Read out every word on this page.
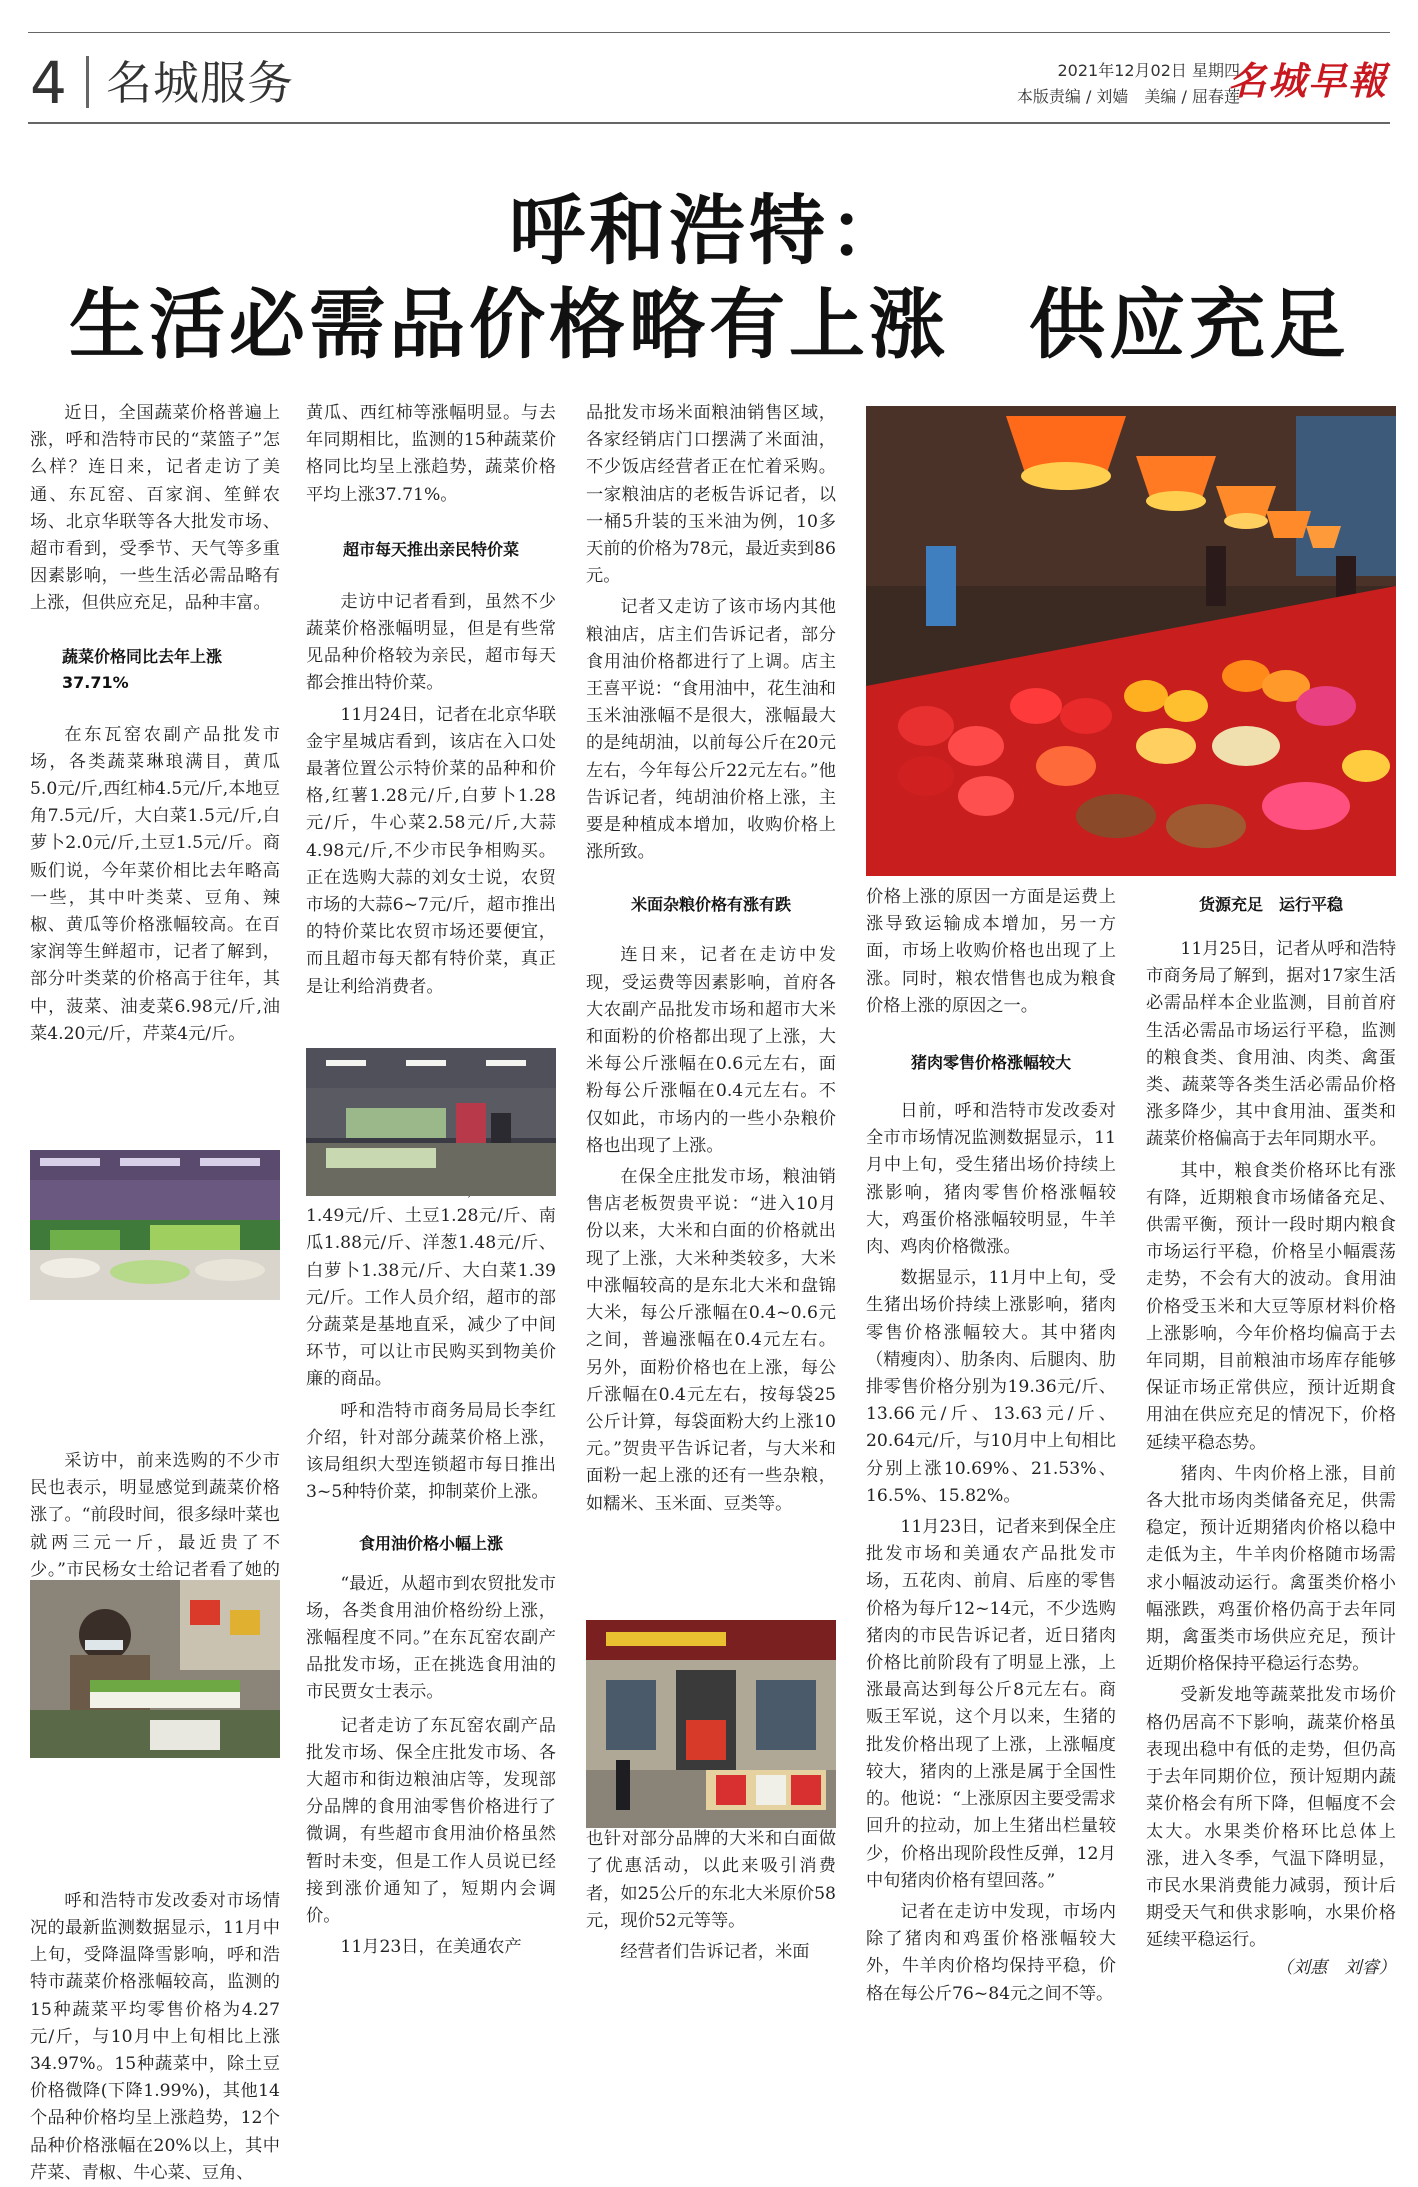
4 名城服务	2021年12月02日 星期四
本版责编 / 刘嫱　美编 / 屈春莲
名城早報
呼和浩特：
生活必需品价格略有上涨　供应充足

近日，全国蔬菜价格普遍上涨，呼和浩特市民的“菜篮子”怎么样？连日来，记者走访了美通、东瓦窑、百家润、笙鲜农场、北京华联等各大批发市场、超市看到，受季节、天气等多重因素影响，一些生活必需品略有上涨，但供应充足，品种丰富。

蔬菜价格同比去年上涨37.71%

在东瓦窑农副产品批发市场，各类蔬菜琳琅满目，黄瓜5.0元/斤,西红柿4.5元/斤,本地豆角7.5元/斤，大白菜1.5元/斤,白萝卜2.0元/斤,土豆1.5元/斤。商贩们说，今年菜价相比去年略高一些，其中叶类菜、豆角、辣椒、黄瓜等价格涨幅较高。在百家润等生鲜超市，记者了解到，部分叶类菜的价格高于往年，其中，菠菜、油麦菜6.98元/斤,油菜4.20元/斤，芹菜4元/斤。

采访中，前来选购的不少市民也表示，明显感觉到蔬菜价格涨了。“前段时间，很多绿叶菜也就两三元一斤，最近贵了不少。”市民杨女士给记者看了她的

呼和浩特市发改委对市场情况的最新监测数据显示，11月中上旬，受降温降雪影响，呼和浩特市蔬菜价格涨幅较高，监测的15种蔬菜平均零售价格为4.27元/斤，与10月中上旬相比上涨34.97%。15种蔬菜中，除土豆价格微降(下降1.99%)，其他14个品种价格均呈上涨趋势，12个品种价格涨幅在20%以上，其中芹菜、青椒、牛心菜、豆角、

黄瓜、西红柿等涨幅明显。与去年同期相比，监测的15种蔬菜价格同比均呈上涨趋势，蔬菜价格平均上涨37.71%。

超市每天推出亲民特价菜

走访中记者看到，虽然不少蔬菜价格涨幅明显，但是有些常见品种价格较为亲民，超市每天都会推出特价菜。

11月24日，记者在北京华联金宇星城店看到，该店在入口处最著位置公示特价菜的品种和价格,红薯1.28元/斤,白萝卜1.28元/斤，牛心菜2.58元/斤,大蒜4.98元/斤,不少市民争相购买。正在选购大蒜的刘女士说，农贸市场的大蒜6~7元/斤，超市推出的特价菜比农贸市场还要便宜，而且超市每天都有特价菜，真正是让利给消费者。

1.49元/斤、土豆1.28元/斤、南瓜1.88元/斤、洋葱1.48元/斤、白萝卜1.38元/斤、大白菜1.39元/斤。工作人员介绍，超市的部分蔬菜是基地直采，减少了中间环节，可以让市民购买到物美价廉的商品。

呼和浩特市商务局局长李红介绍，针对部分蔬菜价格上涨，该局组织大型连锁超市每日推出3~5种特价菜，抑制菜价上涨。

食用油价格小幅上涨

“最近，从超市到农贸批发市场，各类食用油价格纷纷上涨，涨幅程度不同。”在东瓦窑农副产品批发市场，正在挑选食用油的市民贾女士表示。

记者走访了东瓦窑农副产品批发市场、保全庄批发市场、各大超市和街边粮油店等，发现部分品牌的食用油零售价格进行了微调，有些超市食用油价格虽然暂时未变，但是工作人员说已经接到涨价通知了，短期内会调价。

11月23日，在美通农产

品批发市场米面粮油销售区域，各家经销店门口摆满了米面油，不少饭店经营者正在忙着采购。一家粮油店的老板告诉记者，以一桶5升装的玉米油为例，10多天前的价格为78元，最近卖到86元。

记者又走访了该市场内其他粮油店，店主们告诉记者，部分食用油价格都进行了上调。店主王喜平说：“食用油中，花生油和玉米油涨幅不是很大，涨幅最大的是纯胡油，以前每公斤在20元左右，今年每公斤22元左右。”他告诉记者，纯胡油价格上涨，主要是种植成本增加，收购价格上涨所致。

米面杂粮价格有涨有跌

连日来，记者在走访中发现，受运费等因素影响，首府各大农副产品批发市场和超市大米和面粉的价格都出现了上涨，大米每公斤涨幅在0.6元左右，面粉每公斤涨幅在0.4元左右。不仅如此，市场内的一些小杂粮价格也出现了上涨。

在保全庄批发市场，粮油销售店老板贺贵平说：“进入10月份以来，大米和白面的价格就出现了上涨，大米种类较多，大米中涨幅较高的是东北大米和盘锦大米，每公斤涨幅在0.4~0.6元之间，普遍涨幅在0.4元左右。另外，面粉价格也在上涨，每公斤涨幅在0.4元左右，按每袋25公斤计算，每袋面粉大约上涨10元。”贺贵平告诉记者，与大米和面粉一起上涨的还有一些杂粮，如糯米、玉米面、豆类等。

也针对部分品牌的大米和白面做了优惠活动，以此来吸引消费者，如25公斤的东北大米原价58元，现价52元等等。

经营者们告诉记者，米面

价格上涨的原因一方面是运费上涨导致运输成本增加，另一方面，市场上收购价格也出现了上涨。同时，粮农惜售也成为粮食价格上涨的原因之一。

猪肉零售价格涨幅较大

日前，呼和浩特市发改委对全市市场情况监测数据显示，11月中上旬，受生猪出场价持续上涨影响，猪肉零售价格涨幅较大，鸡蛋价格涨幅较明显，牛羊肉、鸡肉价格微涨。

数据显示，11月中上旬，受生猪出场价持续上涨影响，猪肉零售价格涨幅较大。其中猪肉（精瘦肉）、肋条肉、后腿肉、肋排零售价格分别为19.36元/斤、13.66元/斤、13.63元/斤、20.64元/斤，与10月中上旬相比分别上涨10.69%、21.53%、16.5%、15.82%。

11月23日，记者来到保全庄批发市场和美通农产品批发市场，五花肉、前肩、后座的零售价格为每斤12~14元，不少选购猪肉的市民告诉记者，近日猪肉价格比前阶段有了明显上涨，上涨最高达到每公斤8元左右。商贩王军说，这个月以来，生猪的批发价格出现了上涨，上涨幅度较大，猪肉的上涨是属于全国性的。他说：“上涨原因主要受需求回升的拉动，加上生猪出栏量较少，价格出现阶段性反弹，12月中旬猪肉价格有望回落。”

记者在走访中发现，市场内除了猪肉和鸡蛋价格涨幅较大外，牛羊肉价格均保持平稳，价格在每公斤76~84元之间不等。

货源充足　运行平稳

11月25日，记者从呼和浩特市商务局了解到，据对17家生活必需品样本企业监测，目前首府生活必需品市场运行平稳，监测的粮食类、食用油、肉类、禽蛋类、蔬菜等各类生活必需品价格涨多降少，其中食用油、蛋类和蔬菜价格偏高于去年同期水平。

其中，粮食类价格环比有涨有降，近期粮食市场储备充足、供需平衡，预计一段时期内粮食市场运行平稳，价格呈小幅震荡走势，不会有大的波动。食用油价格受玉米和大豆等原材料价格上涨影响，今年价格均偏高于去年同期，目前粮油市场库存能够保证市场正常供应，预计近期食用油在供应充足的情况下，价格延续平稳态势。

猪肉、牛肉价格上涨，目前各大批市场肉类储备充足，供需稳定，预计近期猪肉价格以稳中走低为主，牛羊肉价格随市场需求小幅波动运行。禽蛋类价格小幅涨跌，鸡蛋价格仍高于去年同期，禽蛋类市场供应充足，预计近期价格保持平稳运行态势。

受新发地等蔬菜批发市场价格仍居高不下影响，蔬菜价格虽表现出稳中有低的走势，但仍高于去年同期价位，预计短期内蔬菜价格会有所下降，但幅度不会太大。水果类价格环比总体上涨，进入冬季，气温下降明显，市民水果消费能力减弱，预计后期受天气和供求影响，水果价格延续平稳运行。

（刘惠　刘睿）
